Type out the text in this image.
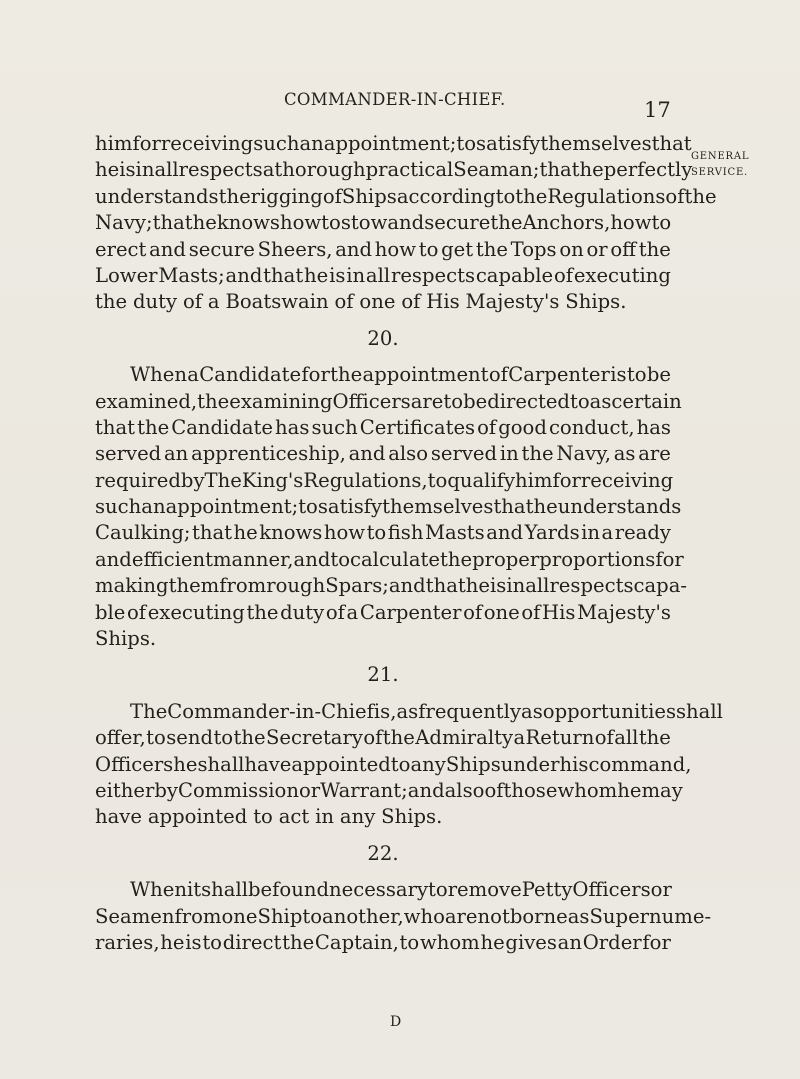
COMMANDER-IN-CHIEF.	17
GENERAL
SERVICE.
him for receiving such an appointment; to satisfy themselves that
he is in all respects a thorough practical Seaman; that he perfectly
understands the rigging of Ships according to the Regulations of the
Navy; that he knows how to stow and secure the Anchors, how to
erect and secure Sheers, and how to get the Tops on or off the
Lower Masts; and that he is in all respects capable of executing
the duty of a Boatswain of one of His Majesty's Ships.
20.
When a Candidate for the appointment of Carpenter is to be
examined, the examining Officers are to be directed to ascertain
that the Candidate has such Certificates of good conduct, has
served an apprenticeship, and also served in the Navy, as are
required by The King's Regulations, to qualify him for receiving
such an appointment; to satisfy themselves that he understands
Caulking; that he knows how to fish Masts and Yards in a ready
and efficient manner, and to calculate the proper proportions for
making them from rough Spars; and that he is in all respects capa-
ble of executing the duty of a Carpenter of one of His Majesty's
Ships.
21.
The Commander-in-Chief is, as frequently as opportunities shall
offer, to send to the Secretary of the Admiralty a Return of all the
Officers he shall have appointed to any Ships under his command,
either by Commission or Warrant; and also of those whom he may
have appointed to act in any Ships.
22.
When it shall be found necessary to remove Petty Officers or
Seamen from one Ship to another, who are not borne as Supernume-
raries, he is to direct the Captain, to whom he gives an Order for
D
